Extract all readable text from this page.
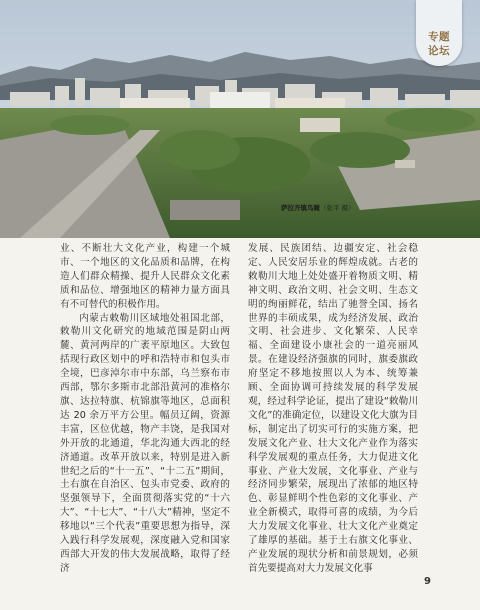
萨拉齐镇鸟瞰（张平 摄）
专题
论坛

业、不断壮大文化产业，构建一个城市、一个地区的文化品质和品牌，在构造人们群众精操、提升人民群众文化素质和品位、增强地区的精神力量方面具有不可替代的积极作用。

内蒙古敕勒川区域地处祖国北部，敕勒川文化研究的地域范围是阴山两麓、黄河两岸的广袤平原地区。大致包括现行政区划中的呼和浩特市和包头市全境，巴彦淖尔市中东部，乌兰察布市西部，鄂尔多斯市北部沿黄河的准格尔旗、达拉特旗、杭锦旗等地区，总面积达 20 余万平方公里。幅员辽阔，资源丰富，区位优越，物产丰饶，是我国对外开放的北通道，华北沟通大西北的经济通道。改革开放以来，特别是进入新世纪之后的“十一五”、“十二五”期间，土右旗在自治区、包头市党委、政府的坚强领导下，全面贯彻落实党的“十六大”、“十七大”、“十八大”精神，坚定不移地以“三个代表”重要思想为指导，深入践行科学发展观，深度融入党和国家西部大开发的伟大发展战略，取得了经济

发展、民族团结、边疆安定、社会稳定、人民安居乐业的辉煌成就。古老的敕勒川大地上处处盛开着物质文明、精神文明、政治文明、社会文明、生态文明的绚丽鲜花，结出了驰誉全国、扬名世界的丰硕成果，成为经济发展、政治文明、社会进步、文化繁荣、人民幸福、全面建设小康社会的一道亮丽风景。在建设经济强旗的同时，旗委旗政府坚定不移地按照以人为本、统筹兼顾、全面协调可持续发展的科学发展观，经过科学论证，提出了建设“敕勒川文化”的准确定位，以建设文化大旗为目标，制定出了切实可行的实施方案，把发展文化产业、壮大文化产业作为落实科学发展观的重点任务，大力促进文化事业、产业大发展，文化事业、产业与经济同步繁荣，展现出了浓郁的地区特色、彰显鲜明个性色彩的文化事业、产业全新模式，取得可喜的成绩，为今后大力发展文化事业、壮大文化产业奠定了雄厚的基础。基于土右旗文化事业、产业发展的现状分析和前景规划，必须首先要提高对大力发展文化事

9
